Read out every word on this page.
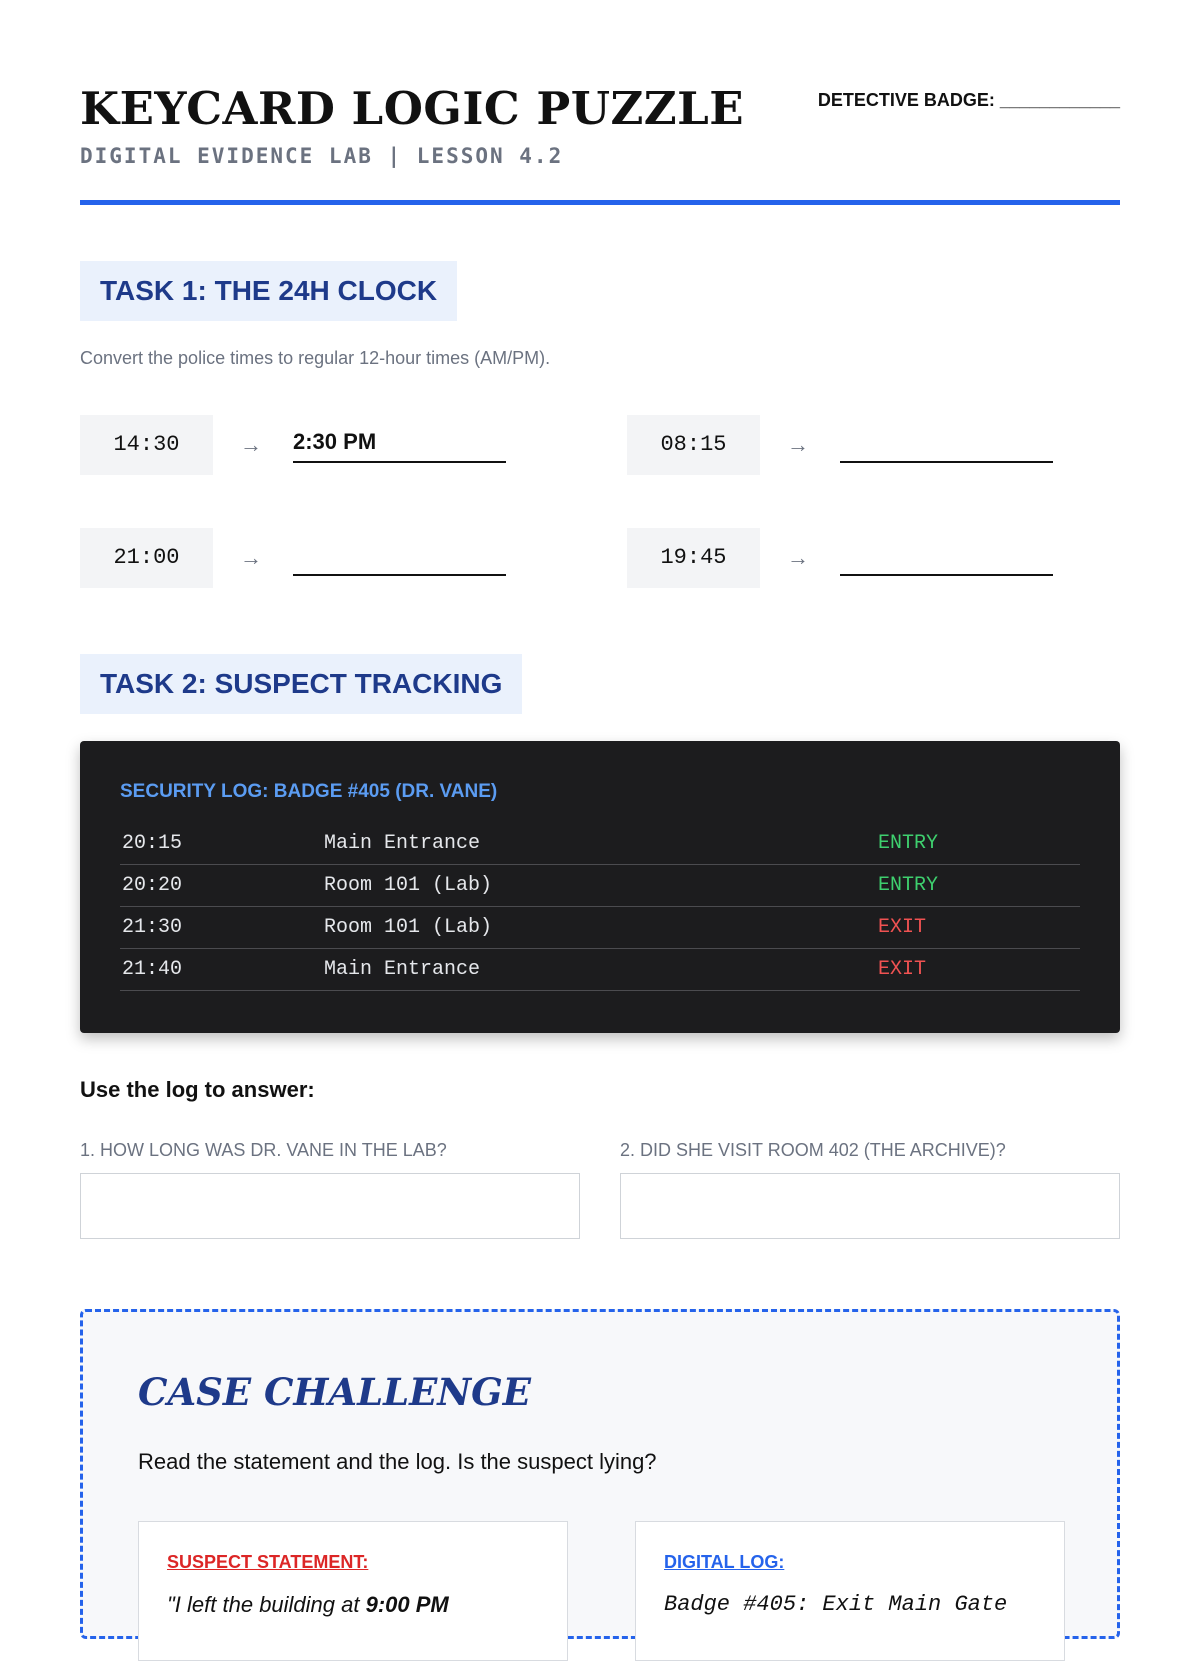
KEYCARD LOGIC PUZZLE
DIGITAL EVIDENCE LAB | LESSON 4.2
DETECTIVE BADGE: ____________
TASK 1: THE 24H CLOCK
Convert the police times to regular 12-hour times (AM/PM).
14:30	→ 2:30 PM	08:15	→
21:00	→	19:45	→
TASK 2: SUSPECT TRACKING
SECURITY LOG: BADGE #405 (DR. VANE)
20:15	Main Entrance	ENTRY
20:20	Room 101 (Lab)	ENTRY
21:30	Room 101 (Lab)	EXIT
21:40	Main Entrance	EXIT
Use the log to answer:
1. HOW LONG WAS DR. VANE IN THE LAB?	2. DID SHE VISIT ROOM 402 (THE ARCHIVE)?
CASE CHALLENGE
Read the statement and the log. Is the suspect lying?
SUSPECT STATEMENT:
"I left the building at 9:00 PM
DIGITAL LOG:
Badge #405: Exit Main Gate
